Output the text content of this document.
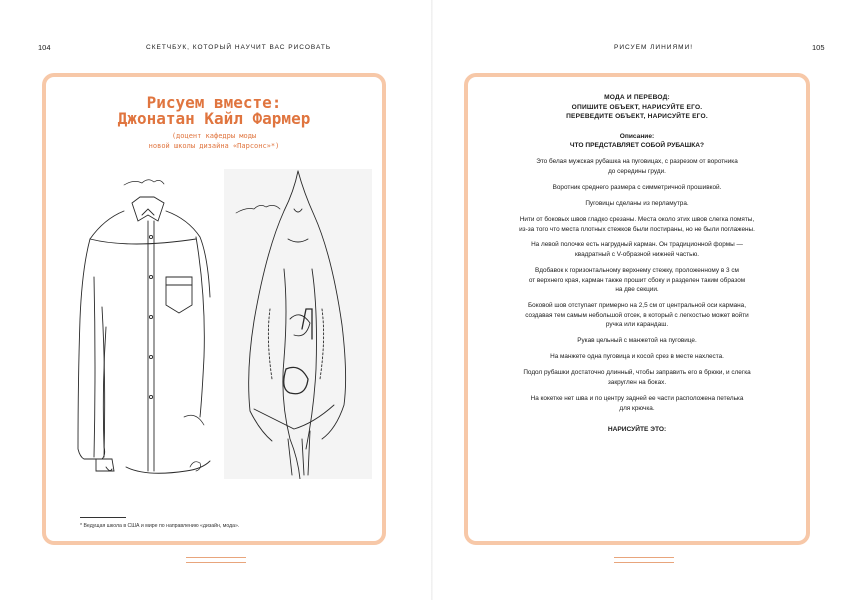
104	СКЕТЧБУК, КОТОРЫЙ НАУЧИТ ВАС РИСОВАТЬ
Рисуем вместе:
Джонатан Кайл Фармер
(доцент кафедры моды
новой школы дизайна «Парсонс»*)
* Ведущая школа в США и мире по направлению «дизайн, мода».
РИСУЕМ ЛИНИЯМИ!	105
МОДА И ПЕРЕВОД:
ОПИШИТЕ ОБЪЕКТ, НАРИСУЙТЕ ЕГО.
ПЕРЕВЕДИТЕ ОБЪЕКТ, НАРИСУЙТЕ ЕГО.
Описание:
ЧТО ПРЕДСТАВЛЯЕТ СОБОЙ РУБАШКА?
Это белая мужская рубашка на пуговицах, с разрезом от воротника
до середины груди.
Воротник среднего размера с симметричной прошивкой.
Пуговицы сделаны из перламутра.
Нити от боковых швов гладко срезаны. Места около этих швов слегка помяты,
из-за того что места плотных стежков были постираны, но не были поглажены.
На левой полочке есть нагрудный карман. Он традиционной формы —
квадратный с V-образной нижней частью.
Вдобавок к горизонтальному верхнему стежку, проложенному в 3 см
от верхнего края, карман также прошит сбоку и разделен таким образом
на две секции.
Боковой шов отступает примерно на 2,5 см от центральной оси кармана,
создавая тем самым небольшой отсек, в который с легкостью может войти
ручка или карандаш.
Рукав цельный с манжетой на пуговице.
На манжете одна пуговица и косой срез в месте нахлеста.
Подол рубашки достаточно длинный, чтобы заправить его в брюки, и слегка
закруглен на боках.
На кокетке нет шва и по центру задней ее части расположена петелька
для крючка.
НАРИСУЙТЕ ЭТО:
